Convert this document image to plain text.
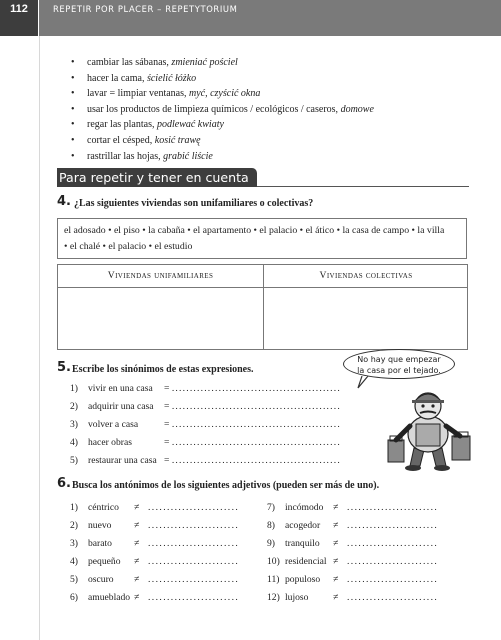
112	REPETIR POR PLACER – REPETYTORIUM
• cambiar las sábanas, zmieniać pościel
• hacer la cama, ścielić łóżko
• lavar = limpiar ventanas, myć, czyścić okna
• usar los productos de limpieza químicos / ecológicos / caseros, domowe
• regar las plantas, podlewać kwiaty
• cortar el césped, kosić trawę
• rastrillar las hojas, grabić liście
Para repetir y tener en cuenta
4. ¿Las siguientes viviendas son unifamiliares o colectivas?
el adosado • el piso • la cabaña • el apartamento • el palacio • el ático • la casa de campo • la villa
• el chalé • el palacio • el estudio
Viviendas unifamiliares	Viviendas colectivas
5. Escribe los sinónimos de estas expresiones.
No hay que empezar
la casa por el tejado.
1) vivir en una casa = ...............................................
2) adquirir una casa = ...............................................
3) volver a casa	= ...............................................
4) hacer obras	= ...............................................
5) restaurar una casa = ...............................................
6. Busca los antónimos de los siguientes adjetivos (pueden ser más de uno).
1) céntrico ≠ ........................
2) nuevo ≠ ........................
3) barato ≠ ........................
4) pequeño ≠ ........................
5) oscuro ≠ ........................
6) amueblado ≠ ........................
7) incómodo ≠ ........................
8) acogedor ≠ ........................
9) tranquilo ≠ ........................
10) residencial ≠ ........................
11) populoso ≠ ........................
12) lujoso	≠ ........................
